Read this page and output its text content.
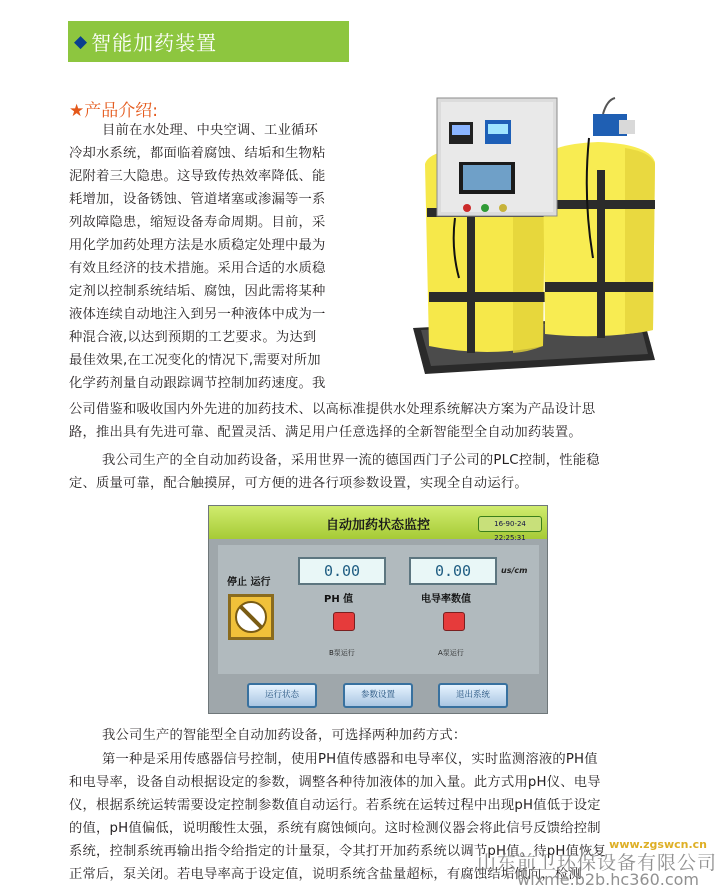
◆ 智能加药装置
★产品介绍:
目前在水处理、中央空调、工业循环
冷却水系统，都面临着腐蚀、结垢和生物粘
泥附着三大隐患。这导致传热效率降低、能
耗增加，设备锈蚀、管道堵塞或渗漏等一系
列故障隐患，缩短设备寿命周期。目前，采
用化学加药处理方法是水质稳定处理中最为
有效且经济的技术措施。采用合适的水质稳
定剂以控制系统结垢、腐蚀，因此需将某种
液体连续自动地注入到另一种液体中成为一
种混合液,以达到预期的工艺要求。为达到
最佳效果,在工况变化的情况下,需要对所加
化学药剂量自动跟踪调节控制加药速度。我
公司借鉴和吸收国内外先进的加药技术、以高标准提供水处理系统解决方案为产品设计思
路，推出具有先进可靠、配置灵活、满足用户任意选择的全新智能型全自动加药装置。
我公司生产的全自动加药设备，采用世界一流的德国西门子公司的PLC控制，性能稳
定、质量可靠，配合触摸屏，可方便的进各行项参数设置，实现全自动运行。
自动加药状态监控	16-90-24 22:25:31
停止 运行
0.00
PH 值
B泵运行
0.00	us/cm
电导率数值
A泵运行
运行状态	参数设置	退出系统
我公司生产的智能型全自动加药设备，可选择两种加药方式：
第一种是采用传感器信号控制，使用PH值传感器和电导率仪，实时监测溶液的PH值
和电导率，设备自动根据设定的参数，调整各种待加液体的加入量。此方式用pH仪、电导
仪，根据系统运转需要设定控制参数值自动运行。若系统在运转过程中出现pH值低于设定
的值，pH值偏低，说明酸性太强，系统有腐蚀倾向。这时检测仪器会将此信号反馈给控制
系统，控制系统再输出指令给指定的计量泵，令其打开加药系统以调节pH值。待pH值恢复
正常后，泵关闭。若电导率高于设定值，说明系统含盐量超标，有腐蚀结垢倾向，检测
www.zgswcn.cn
山东前卫环保设备有限公司
wlxme.b2b.hc360.com
